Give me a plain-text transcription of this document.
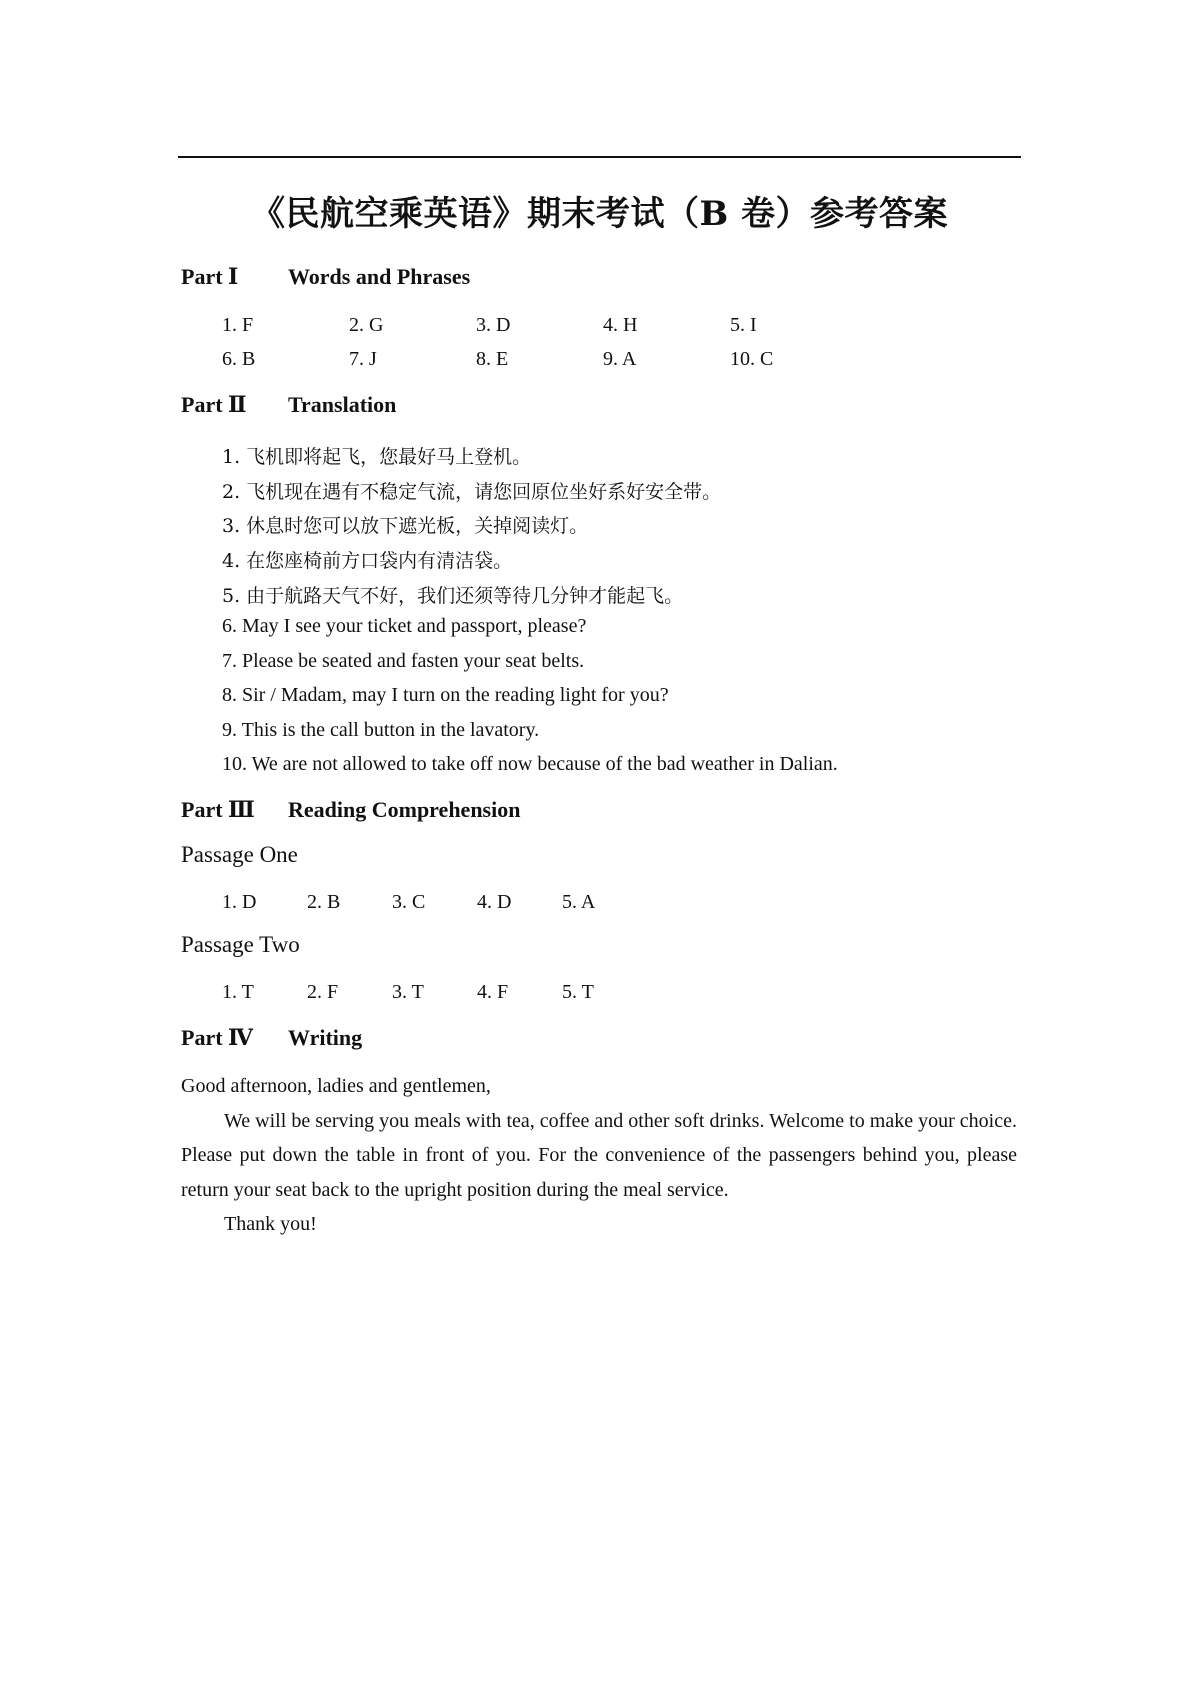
《民航空乘英语》期末考试（B 卷）参考答案
Part Ⅰ	Words and Phrases
1. F	2. G	3. D	4. H	5. I
6. B	7. J	8. E	9. A	10. C
Part Ⅱ	Translation
1. 飞机即将起飞，您最好马上登机。
2. 飞机现在遇有不稳定气流，请您回原位坐好系好安全带。
3. 休息时您可以放下遮光板，关掉阅读灯。
4. 在您座椅前方口袋内有清洁袋。
5. 由于航路天气不好，我们还须等待几分钟才能起飞。
6. May I see your ticket and passport, please?
7. Please be seated and fasten your seat belts.
8. Sir / Madam, may I turn on the reading light for you?
9. This is the call button in the lavatory.
10. We are not allowed to take off now because of the bad weather in Dalian.
Part Ⅲ	Reading Comprehension
Passage One
1. D	2. B	3. C	4. D	5. A
Passage Two
1. T	2. F	3. T	4. F	5. T
Part Ⅳ	Writing

Good afternoon, ladies and gentlemen,

We will be serving you meals with tea, coffee and other soft drinks. Welcome to make your choice. Please put down the table in front of you. For the convenience of the passengers behind you, please return your seat back to the upright position during the meal service.

Thank you!
